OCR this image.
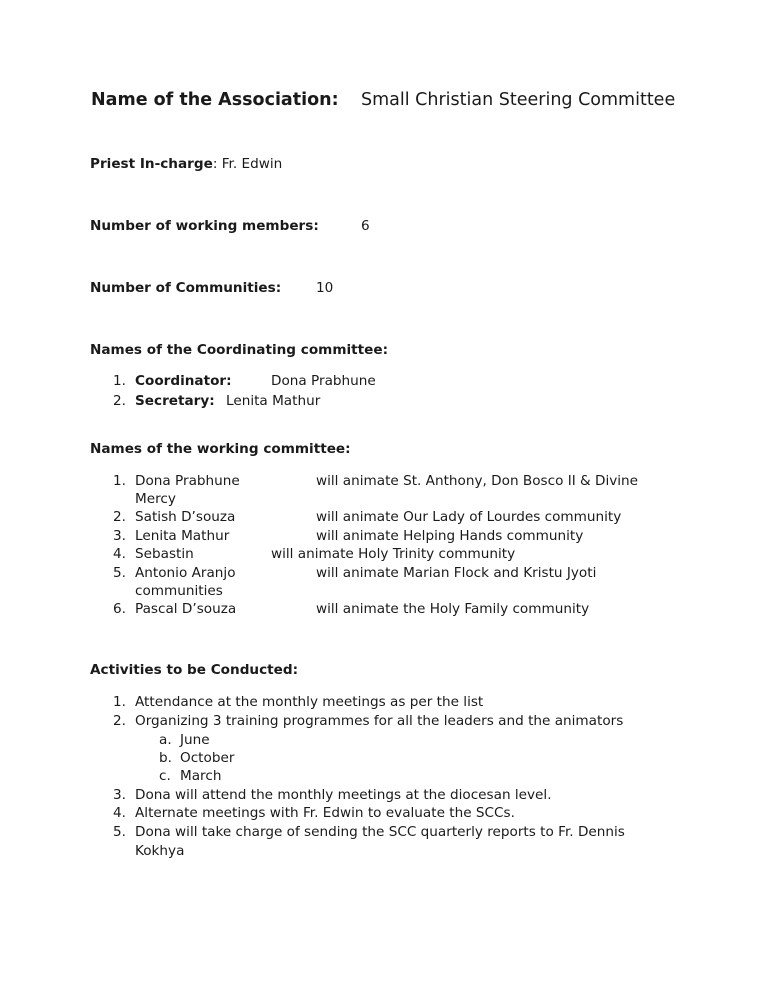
Name of the Association: Small Christian Steering Committee
Priest In-charge: Fr. Edwin
Number of working members:	6
Number of Communities:	10
Names of the Coordinating committee:
1. Coordinator:	Dona Prabhune
2. Secretary: Lenita Mathur
Names of the working committee:
1. Dona Prabhune	will animate St. Anthony, Don Bosco II & Divine
Mercy
2. Satish D’souza	will animate Our Lady of Lourdes community
3. Lenita Mathur	will animate Helping Hands community
4. Sebastin	will animate Holy Trinity community
5. Antonio Aranjo	will animate Marian Flock and Kristu Jyoti
communities
6. Pascal D’souza	will animate the Holy Family community
Activities to be Conducted:
1. Attendance at the monthly meetings as per the list
2. Organizing 3 training programmes for all the leaders and the animators
a. June
b. October
c. March
3. Dona will attend the monthly meetings at the diocesan level.
4. Alternate meetings with Fr. Edwin to evaluate the SCCs.
5. Dona will take charge of sending the SCC quarterly reports to Fr. Dennis
Kokhya
